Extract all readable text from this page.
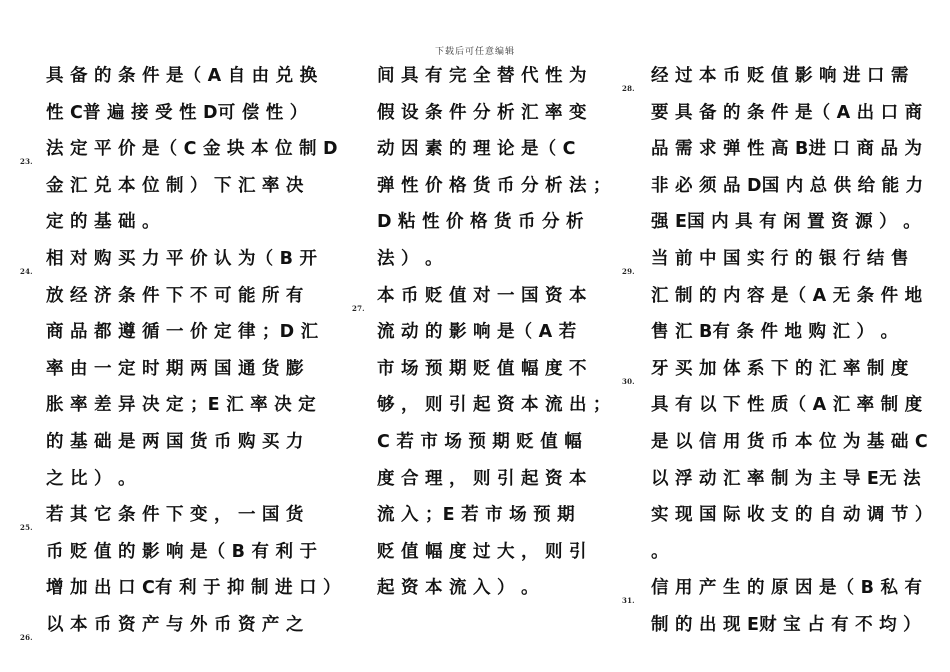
下载后可任意编辑
具 备 的 条 件 是（ A 自 由 兑 换
性 C普 遍 接 受 性 D可 偿 性 ）
23.
法 定 平 价 是（ C 金 块 本 位 制 D
金 汇 兑 本 位 制 ） 下 汇 率 决
定 的 基 础 。
24.
相 对 购 买 力 平 价 认 为（ B 开
放 经 济 条 件 下 不 可 能 所 有
商 品 都 遵 循 一 价 定 律 ；D 汇
率 由 一 定 时 期 两 国 通 货 膨
胀 率 差 异 决 定 ；E 汇 率 决 定
的 基 础 是 两 国 货 币 购 买 力
之 比 ） 。
25.
若 其 它 条 件 下 变 ， 一 国 货
币 贬 值 的 影 响 是（ B 有 利 于
增 加 出 口 C有 利 于 抑 制 进 口 ）
26.
以 本 币 资 产 与 外 币 资 产 之
间 具 有 完 全 替 代 性 为
假 设 条 件 分 析 汇 率 变
动 因 素 的 理 论 是（ C
弹 性 价 格 货 币 分 析 法 ；
D 粘 性 价 格 货 币 分 析
法 ） 。
27.
本 币 贬 值 对 一 国 资 本
流 动 的 影 响 是（ A 若
市 场 预 期 贬 值 幅 度 不
够 ， 则 引 起 资 本 流 出 ；
C 若 市 场 预 期 贬 值 幅
度 合 理 ， 则 引 起 资 本
流 入 ；E 若 市 场 预 期
贬 值 幅 度 过 大 ， 则 引
起 资 本 流 入 ） 。
28.
经 过 本 币 贬 值 影 响 进 口 需
要 具 备 的 条 件 是（ A 出 口 商
品 需 求 弹 性 高 B进 口 商 品 为
非 必 须 品 D国 内 总 供 给 能 力
强 E国 内 具 有 闲 置 资 源 ） 。
29.
当 前 中 国 实 行 的 银 行 结 售
汇 制 的 内 容 是（ A 无 条 件 地
售 汇 B有 条 件 地 购 汇 ） 。
30.
牙 买 加 体 系 下 的 汇 率 制 度
具 有 以 下 性 质（ A 汇 率 制 度
是 以 信 用 货 币 本 位 为 基 础 C
以 浮 动 汇 率 制 为 主 导 E无 法
实 现 国 际 收 支 的 自 动 调 节 ）
。
31.
信 用 产 生 的 原 因 是（ B 私 有
制 的 出 现 E财 宝 占 有 不 均 ）
